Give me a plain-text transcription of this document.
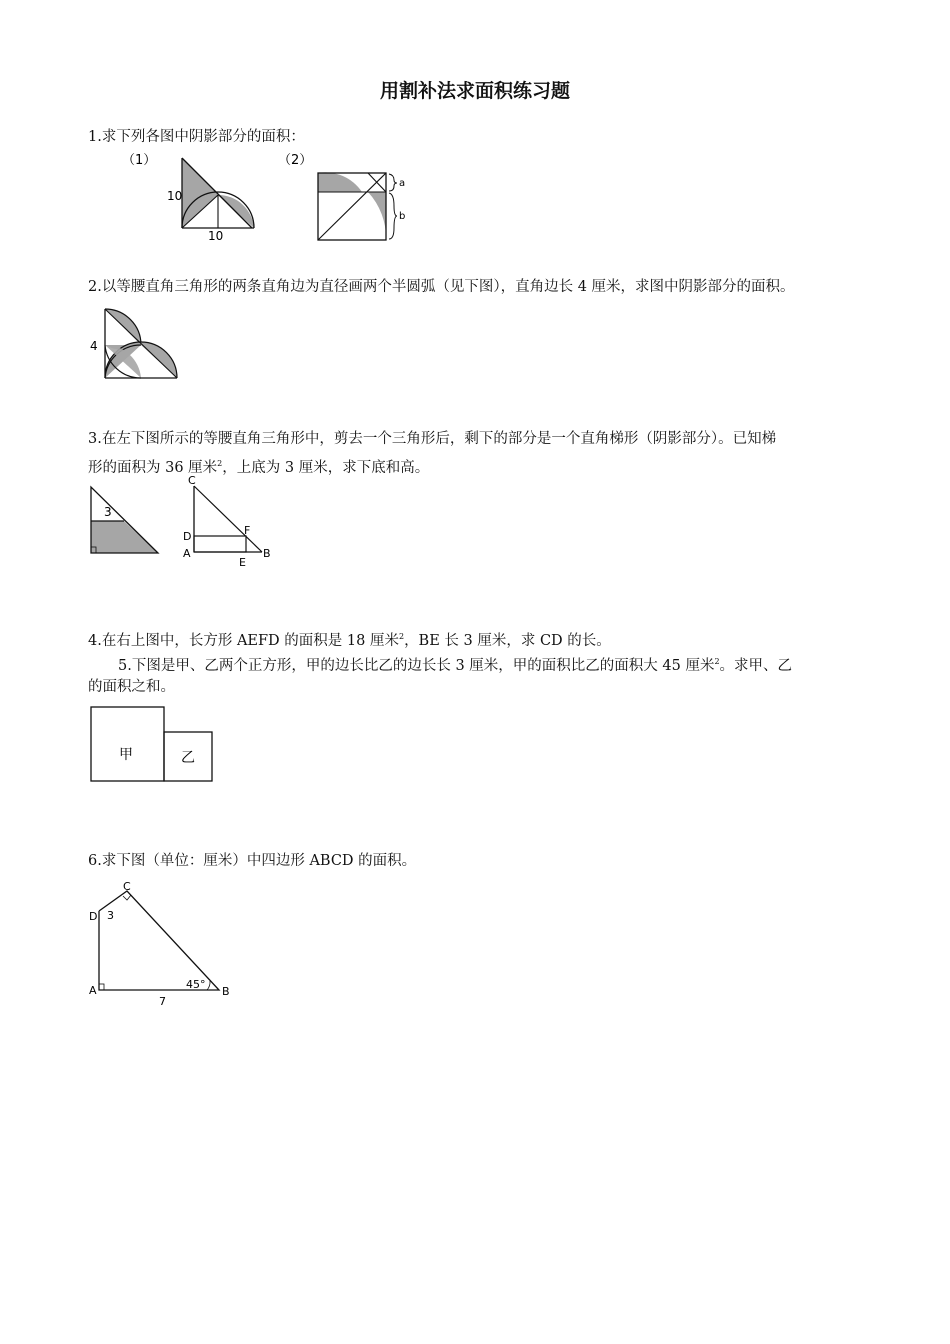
用割补法求面积练习题
1.求下列各图中阴影部分的面积：
（1）
10
10
（2）
a
b
2.以等腰直角三角形的两条直角边为直径画两个半圆弧（见下图），直角边长 4 厘米，求图中阴影部分的面积。
4
3.在左下图所示的等腰直角三角形中，剪去一个三角形后，剩下的部分是一个直角梯形（阴影部分）。已知梯
形的面积为 36 厘米$^2$，上底为 3 厘米，求下底和高。
3
C
D
A
F
E
B
4.在右上图中，长方形 AEFD 的面积是 18 厘米$^2$，BE 长 3 厘米，求 CD 的长。
5.下图是甲、乙两个正方形，甲的边长比乙的边长长 3 厘米，甲的面积比乙的面积大 45 厘米$^2$。求甲、乙
的面积之和。
甲	乙
6.求下图（单位：厘米）中四边形 ABCD 的面积。
C
D
A	B
3
45°
7
